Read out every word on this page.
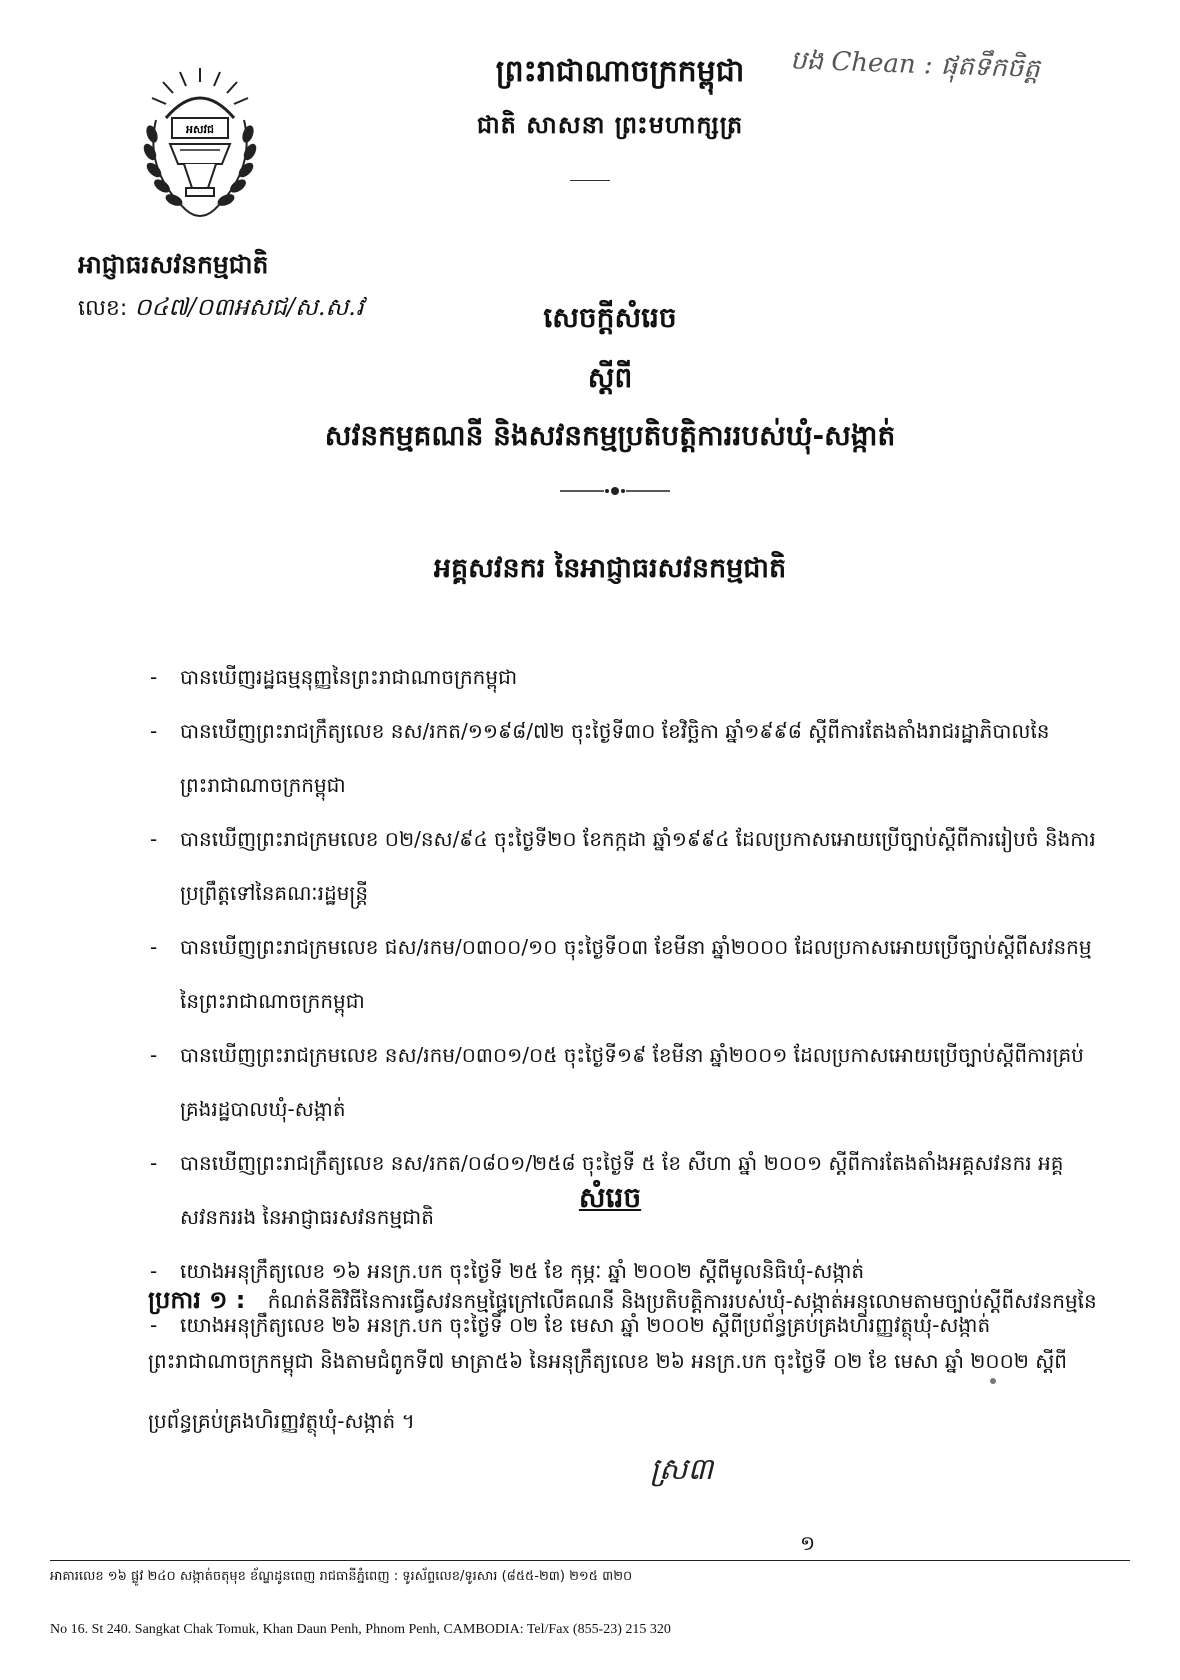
អសវជ
ព្រះរាជាណាចក្រកម្ពុជា
ជាតិ សាសនា ព្រះមហាក្សត្រ
បង Chean : ផុតទឹកចិត្ត
អាជ្ញាធរសវនកម្មជាតិ
លេខ: ០៤៧/០៣អសជ/ស.ស.វ	សេចក្តីសំរេច
ស្តីពី
សវនកម្មគណនី និងសវនកម្មប្រតិបត្តិការរបស់ឃុំ-សង្កាត់
អគ្គសវនករ នៃអាជ្ញាធរសវនកម្មជាតិ
- បានឃើញរដ្ឋធម្មនុញ្ញនៃព្រះរាជាណាចក្រកម្ពុជា
- បានឃើញព្រះរាជក្រឹត្យលេខ នស/រកត/១១៩៨/៧២ ចុះថ្ងៃទី៣០ ខែវិច្ឆិកា ឆ្នាំ១៩៩៨ ស្តីពីការតែងតាំងរាជរដ្ឋាភិបាលនៃព្រះរាជាណាចក្រកម្ពុជា
- បានឃើញព្រះរាជក្រមលេខ ០២/នស/៩៤ ចុះថ្ងៃទី២០ ខែកក្កដា ឆ្នាំ១៩៩៤ ដែលប្រកាសអោយប្រើច្បាប់ស្តីពីការរៀបចំ និងការប្រព្រឹត្តទៅនៃគណៈរដ្ឋមន្ត្រី
- បានឃើញព្រះរាជក្រមលេខ ជស/រកម/០៣០០/១០ ចុះថ្ងៃទី០៣ ខែមីនា ឆ្នាំ២០០០ ដែលប្រកាសអោយប្រើច្បាប់ស្តីពីសវនកម្មនៃព្រះរាជាណាចក្រកម្ពុជា
- បានឃើញព្រះរាជក្រមលេខ នស/រកម/០៣០១/០៥ ចុះថ្ងៃទី១៩ ខែមីនា ឆ្នាំ២០០១ ដែលប្រកាសអោយប្រើច្បាប់ស្តីពីការគ្រប់គ្រងរដ្ឋបាលឃុំ-សង្កាត់
- បានឃើញព្រះរាជក្រឹត្យលេខ នស/រកត/០៨០១/២៥៨ ចុះថ្ងៃទី ៥ ខែ សីហា ឆ្នាំ ២០០១ ស្តីពីការតែងតាំងអគ្គសវនករ អគ្គសវនកររង នៃអាជ្ញាធរសវនកម្មជាតិ
- យោងអនុក្រឹត្យលេខ ១៦ អនក្រ.បក ចុះថ្ងៃទី ២៥ ខែ កុម្ភៈ ឆ្នាំ ២០០២ ស្តីពីមូលនិធិឃុំ-សង្កាត់
- យោងអនុក្រឹត្យលេខ ២៦ អនក្រ.បក ចុះថ្ងៃទី ០២ ខែ មេសា ឆ្នាំ ២០០២ ស្តីពីប្រព័ន្ធគ្រប់គ្រងហិរញ្ញវត្ថុឃុំ-សង្កាត់
សំរេច
ប្រការ ១ : កំណត់នីតិវិធីនៃការធ្វើសវនកម្មផ្ទៃក្រៅលើគណនី និងប្រតិបត្តិការរបស់ឃុំ-សង្កាត់អនុលោមតាមច្បាប់ស្តីពីសវនកម្មនៃព្រះរាជាណាចក្រកម្ពុជា និងតាមជំពូកទី៧ មាត្រា៥៦ នៃអនុក្រឹត្យលេខ ២៦ អនក្រ.បក ចុះថ្ងៃទី ០២ ខែ មេសា ឆ្នាំ ២០០២ ស្តីពីប្រព័ន្ធគ្រប់គ្រងហិរញ្ញវត្ថុឃុំ-សង្កាត់ ។
ស្រ៣
១
អាគារលេខ ១៦ ផ្លូវ ២៤០ សង្កាត់ចតុមុខ ខ័ណ្ឌដូនពេញ រាជធានីភ្នំពេញ : ទូរស័ព្ទលេខ/ទូរសារ (៨៥៥-២៣) ២១៥ ៣២០
No 16. St 240. Sangkat Chak Tomuk, Khan Daun Penh, Phnom Penh, CAMBODIA: Tel/Fax (855-23) 215 320
